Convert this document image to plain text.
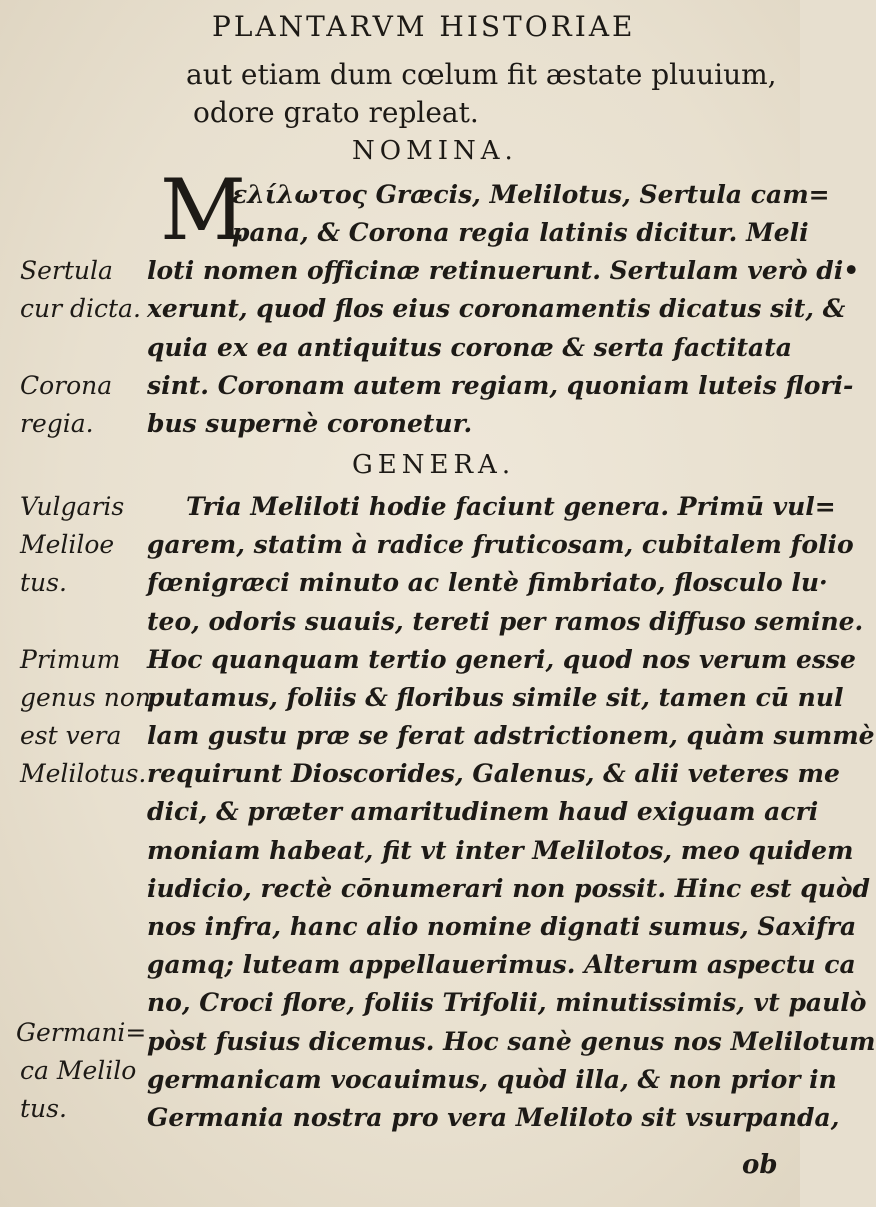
PLANTARVM HISTORIAE
aut etiam dum cœlum fit æstate pluuium,
odore grato repleat.
NOMINA.
M
ελίλωτος Græcis, Melilotus, Sertula cam=
pana, & Corona regia latinis dicitur. Meli
loti nomen officinæ retinuerunt. Sertulam verò di•
xerunt, quod flos eius coronamentis dicatus sit, &
quia ex ea antiquitus coronæ & serta factitata
sint. Coronam autem regiam, quoniam luteis flori-
bus supernè coronetur.
GENERA.
Tria Meliloti hodie faciunt genera. Primū vul=
garem, statim à radice fruticosam, cubitalem folio
fœnigræci minuto ac lentè fimbriato, flosculo lu·
teo, odoris suauis, tereti per ramos diffuso semine.
Hoc quanquam tertio generi, quod nos verum esse
putamus, foliis & floribus simile sit, tamen cū nul
lam gustu præ se ferat adstrictionem, quàm summè
requirunt Dioscorides, Galenus, & alii veteres me
dici, & præter amaritudinem haud exiguam acri
moniam habeat, fit vt inter Melilotos, meo quidem
iudicio, rectè cōnumerari non possit. Hinc est quòd
nos infra, hanc alio nomine dignati sumus, Saxifra
gamq; luteam appellauerimus. Alterum aspectu ca
no, Croci flore, foliis Trifolii, minutissimis, vt paulò
pòst fusius dicemus. Hoc sanè genus nos Melilotum
germanicam vocauimus, quòd illa, & non prior in
Germania nostra pro vera Meliloto sit vsurpanda,
Sertula
cur dicta.
Corona
regia.
Vulgaris
Meliloe
tus.
Primum
genus non
est vera
Melilotus.
Germani=
ca Melilo
tus.
ob
